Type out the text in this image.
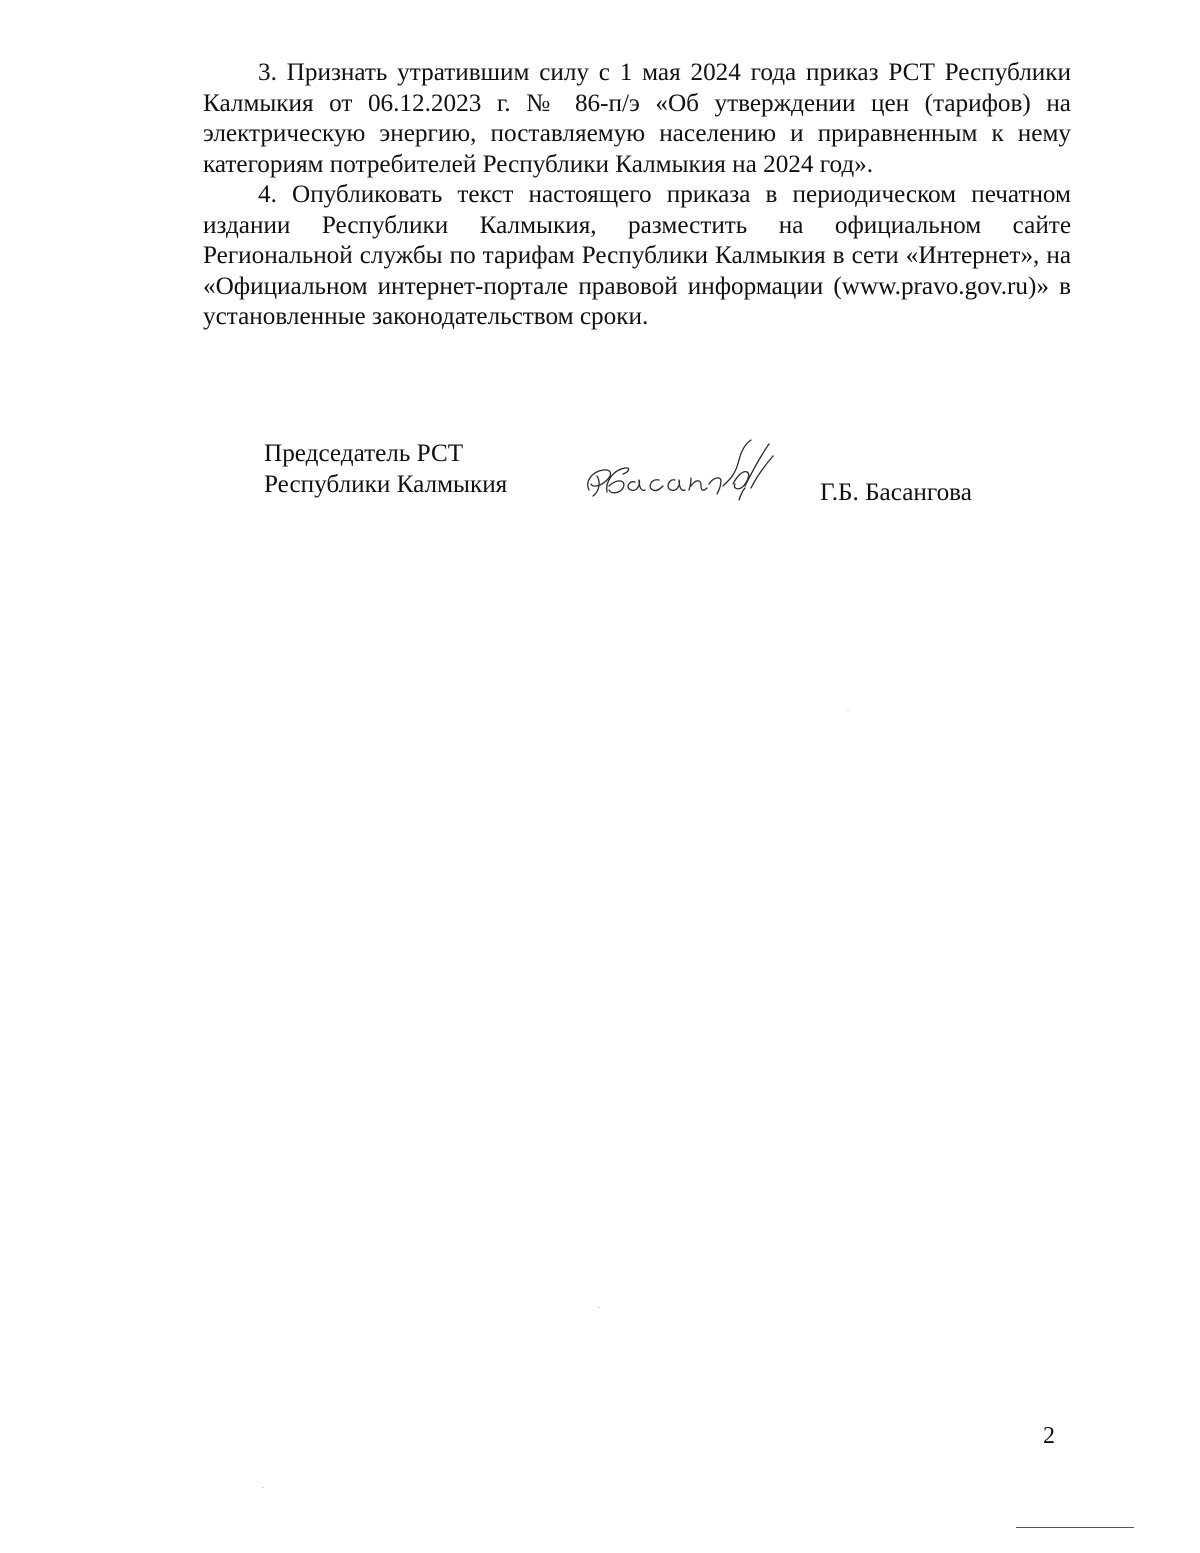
3. Признать утратившим силу с 1 мая 2024 года приказ РСТ Республики Калмыкия от 06.12.2023 г. № 86-п/э «Об утверждении цен (тарифов) на электрическую энергию, поставляемую населению и приравненным к нему категориям потребителей Республики Калмыкия на 2024 год».

4. Опубликовать текст настоящего приказа в периодическом печатном издании Республики Калмыкия, разместить на официальном сайте Региональной службы по тарифам Республики Калмыкия в сети «Интернет», на «Официальном интернет-портале правовой информации (www.pravo.gov.ru)» в установленные законодательством сроки.

Председатель РСТ
Республики Калмыкия	Г.Б. Басангова
2
